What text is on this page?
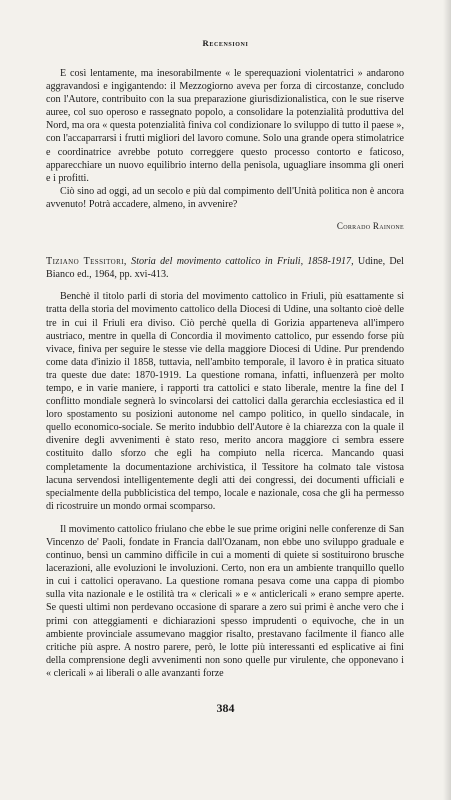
Recensioni

E così lentamente, ma inesorabilmente « le sperequazioni violentatrici » andarono aggravandosi e ingigantendo: il Mezzogiorno aveva per forza di circostanze, concludo con l'Autore, contribuito con la sua preparazione giurisdizionalistica, con le sue riserve auree, col suo operoso e rassegnato popolo, a consolidare la potenzialità produttiva del Nord, ma ora « questa potenzialità finiva col condizionare lo sviluppo di tutto il paese », con l'accaparrarsi i frutti migliori del lavoro comune. Solo una grande opera stimolatrice e coordinatrice avrebbe potuto correggere questo processo contorto e faticoso, apparecchiare un nuovo equilibrio interno della penisola, uguagliare insomma gli oneri e i profitti.

Ciò sino ad oggi, ad un secolo e più dal compimento dell'Unità politica non è ancora avvenuto! Potrà accadere, almeno, in avvenire?

Corrado Rainone

Tiziano Tessitori, Storia del movimento cattolico in Friuli, 1858-1917, Udine, Del Bianco ed., 1964, pp. xvi-413.

Benchè il titolo parli di storia del movimento cattolico in Friuli, più esattamente si tratta della storia del movimento cattolico della Diocesi di Udine, una soltanto cioè delle tre in cui il Friuli era diviso. Ciò perchè quella di Gorizia apparteneva all'impero austriaco, mentre in quella di Concordia il movimento cattolico, pur essendo forse più vivace, finiva per seguire le stesse vie della maggiore Diocesi di Udine. Pur prendendo come data d'inizio il 1858, tuttavia, nell'ambito temporale, il lavoro è in pratica situato tra queste due date: 1870-1919. La questione romana, infatti, influenzerà per molto tempo, e in varie maniere, i rapporti tra cattolici e stato liberale, mentre la fine del I conflitto mondiale segnerà lo svincolarsi dei cattolici dalla gerarchia ecclesiastica ed il loro spostamento su posizioni autonome nel campo politico, in quello sindacale, in quello economico-sociale. Se merito indubbio dell'Autore è la chiarezza con la quale il divenire degli avvenimenti è stato reso, merito ancora maggiore ci sembra essere costituito dallo sforzo che egli ha compiuto nella ricerca. Mancando quasi completamente la documentazione archivistica, il Tessitore ha colmato tale vistosa lacuna servendosi intelligentemente degli atti dei congressi, dei documenti ufficiali e specialmente della pubblicistica del tempo, locale e nazionale, cosa che gli ha permesso di ricostruire un mondo ormai scomparso.

Il movimento cattolico friulano che ebbe le sue prime origini nelle conferenze di San Vincenzo de' Paoli, fondate in Francia dall'Ozanam, non ebbe uno sviluppo graduale e continuo, bensì un cammino difficile in cui a momenti di quiete si sostituirono brusche lacerazioni, alle evoluzioni le involuzioni. Certo, non era un ambiente tranquillo quello in cui i cattolici operavano. La questione romana pesava come una cappa di piombo sulla vita nazionale e le ostilità tra « clericali » e « anticlericali » erano sempre aperte. Se questi ultimi non perdevano occasione di sparare a zero sui primi è anche vero che i primi con atteggiamenti e dichiarazioni spesso imprudenti o equivoche, che in un ambiente provinciale assumevano maggior risalto, prestavano facilmente il fianco alle critiche più aspre. A nostro parere, però, le lotte più interessanti ed esplicative ai fini della comprensione degli avvenimenti non sono quelle pur virulente, che opponevano i « clericali » ai liberali o alle avanzanti forze

384
